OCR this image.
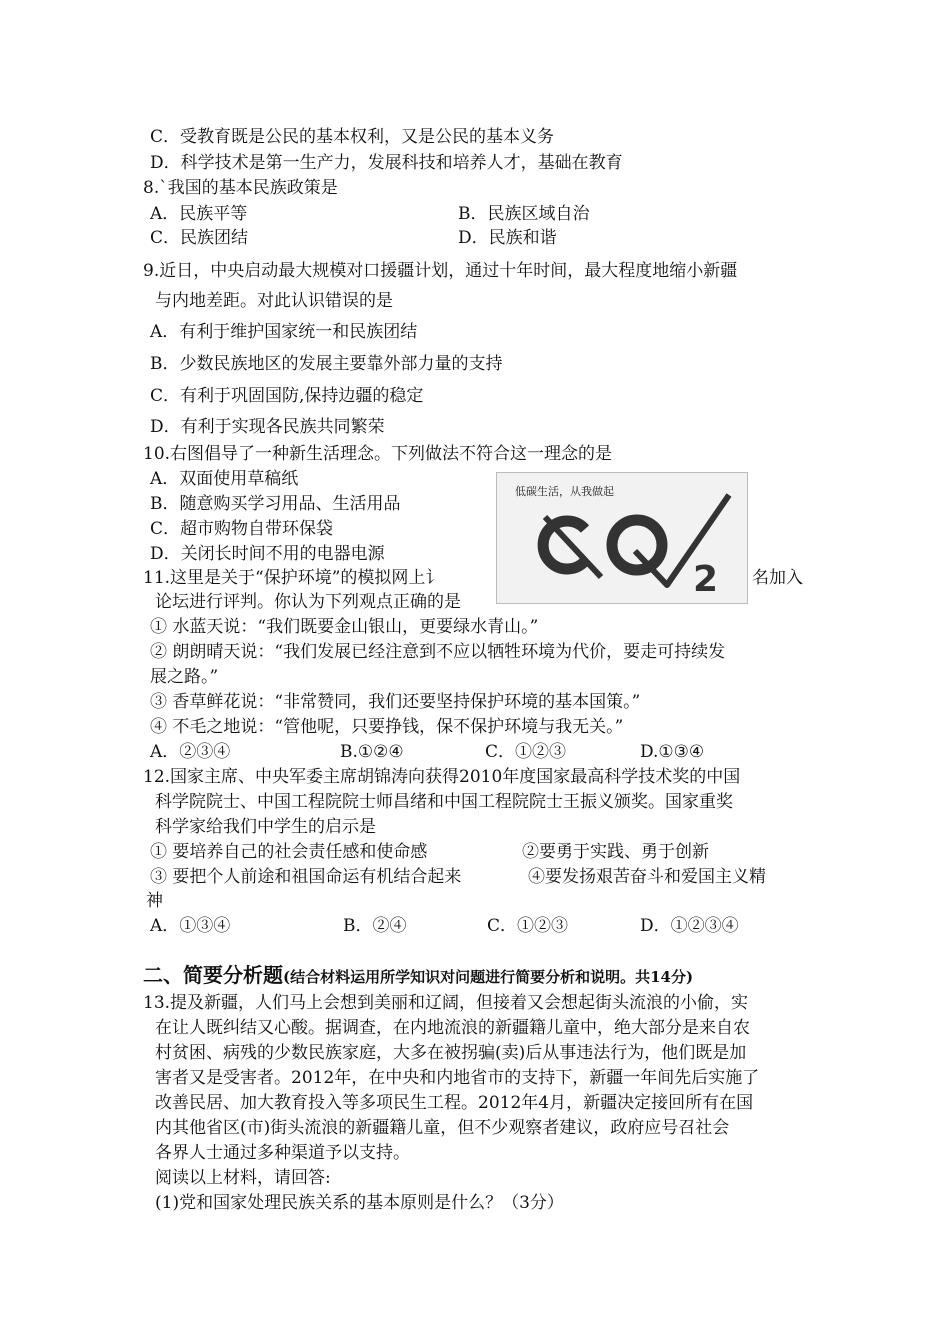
C．受教育既是公民的基本权利，又是公民的基本义务
D．科学技术是第一生产力，发展科技和培养人才，基础在教育
8.`我国的基本民族政策是
A．民族平等	B．民族区域自治
C．民族团结	D．民族和谐
9.近日，中央启动最大规模对口援疆计划，通过十年时间，最大程度地缩小新疆
与内地差距。对此认识错误的是
A．有利于维护国家统一和民族团结
B．少数民族地区的发展主要靠外部力量的支持
C．有利于巩固国防,保持边疆的稳定
D．有利于实现各民族共同繁荣
10.右图倡导了一种新生活理念。下列做法不符合这一理念的是
A．双面使用草稿纸
B．随意购买学习用品、生活用品
C．超市购物自带环保袋
D．关闭长时间不用的电器电源
低碳生活，从我做起
2
11.这里是关于“保护环境”的模拟网上讠	名加入
论坛进行评判。你认为下列观点正确的是
① 水蓝天说：“我们既要金山银山，更要绿水青山。”
② 朗朗晴天说：“我们发展已经注意到不应以牺牲环境为代价，要走可持续发
展之路。”
③ 香草鲜花说：“非常赞同，我们还要坚持保护环境的基本国策。”
④ 不毛之地说：“管他呢，只要挣钱，保不保护环境与我无关。”
A．②③④	B.①②④	C．①②③	D.①③④
12.国家主席、中央军委主席胡锦涛向获得2010年度国家最高科学技术奖的中国
科学院院士、中国工程院院士师昌绪和中国工程院院士王振义颁奖。国家重奖
科学家给我们中学生的启示是
① 要培养自己的社会责任感和使命感	②要勇于实践、勇于创新
③ 要把个人前途和祖国命运有机结合起来	④要发扬艰苦奋斗和爱国主义精
神
A．①③④	B．②④	C．①②③	D．①②③④
二、简要分析题(结合材料运用所学知识对问题进行简要分析和说明。共14分)
13.提及新疆，人们马上会想到美丽和辽阔，但接着又会想起街头流浪的小偷，实
在让人既纠结又心酸。据调查，在内地流浪的新疆籍儿童中，绝大部分是来自农
村贫困、病残的少数民族家庭，大多在被拐骗(卖)后从事违法行为，他们既是加
害者又是受害者。2012年，在中央和内地省市的支持下，新疆一年间先后实施了
改善民居、加大教育投入等多项民生工程。2012年4月，新疆决定接回所有在国
内其他省区(市)街头流浪的新疆籍儿童，但不少观察者建议，政府应号召社会
各界人士通过多种渠道予以支持。
阅读以上材料，请回答:
(1)党和国家处理民族关系的基本原则是什么？（3分）
